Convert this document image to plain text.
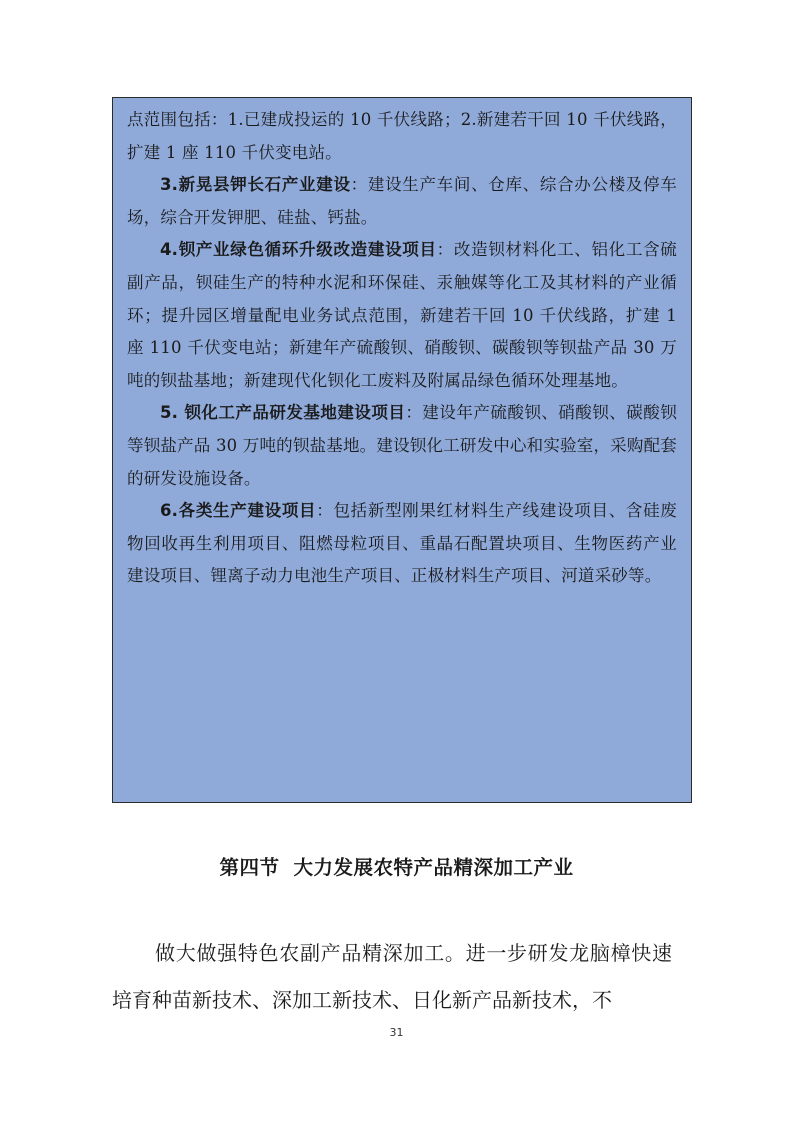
点范围包括：1.已建成投运的 10 千伏线路；2.新建若干回 10 千伏线路，扩建 1 座 110 千伏变电站。

3.新晃县钾长石产业建设：建设生产车间、仓库、综合办公楼及停车场，综合开发钾肥、硅盐、钙盐。

4.钡产业绿色循环升级改造建设项目：改造钡材料化工、铝化工含硫副产品，钡硅生产的特种水泥和环保硅、汞触媒等化工及其材料的产业循环；提升园区增量配电业务试点范围，新建若干回 10 千伏线路，扩建 1 座 110 千伏变电站；新建年产硫酸钡、硝酸钡、碳酸钡等钡盐产品 30 万吨的钡盐基地；新建现代化钡化工废料及附属品绿色循环处理基地。

5. 钡化工产品研发基地建设项目：建设年产硫酸钡、硝酸钡、碳酸钡等钡盐产品 30 万吨的钡盐基地。建设钡化工研发中心和实验室，采购配套的研发设施设备。

6.各类生产建设项目：包括新型刚果红材料生产线建设项目、含硅废物回收再生利用项目、阻燃母粒项目、重晶石配置块项目、生物医药产业建设项目、锂离子动力电池生产项目、正极材料生产项目、河道采砂等。

第四节 大力发展农特产品精深加工产业

做大做强特色农副产品精深加工。进一步研发龙脑樟快速培育种苗新技术、深加工新技术、日化新产品新技术，不

31
